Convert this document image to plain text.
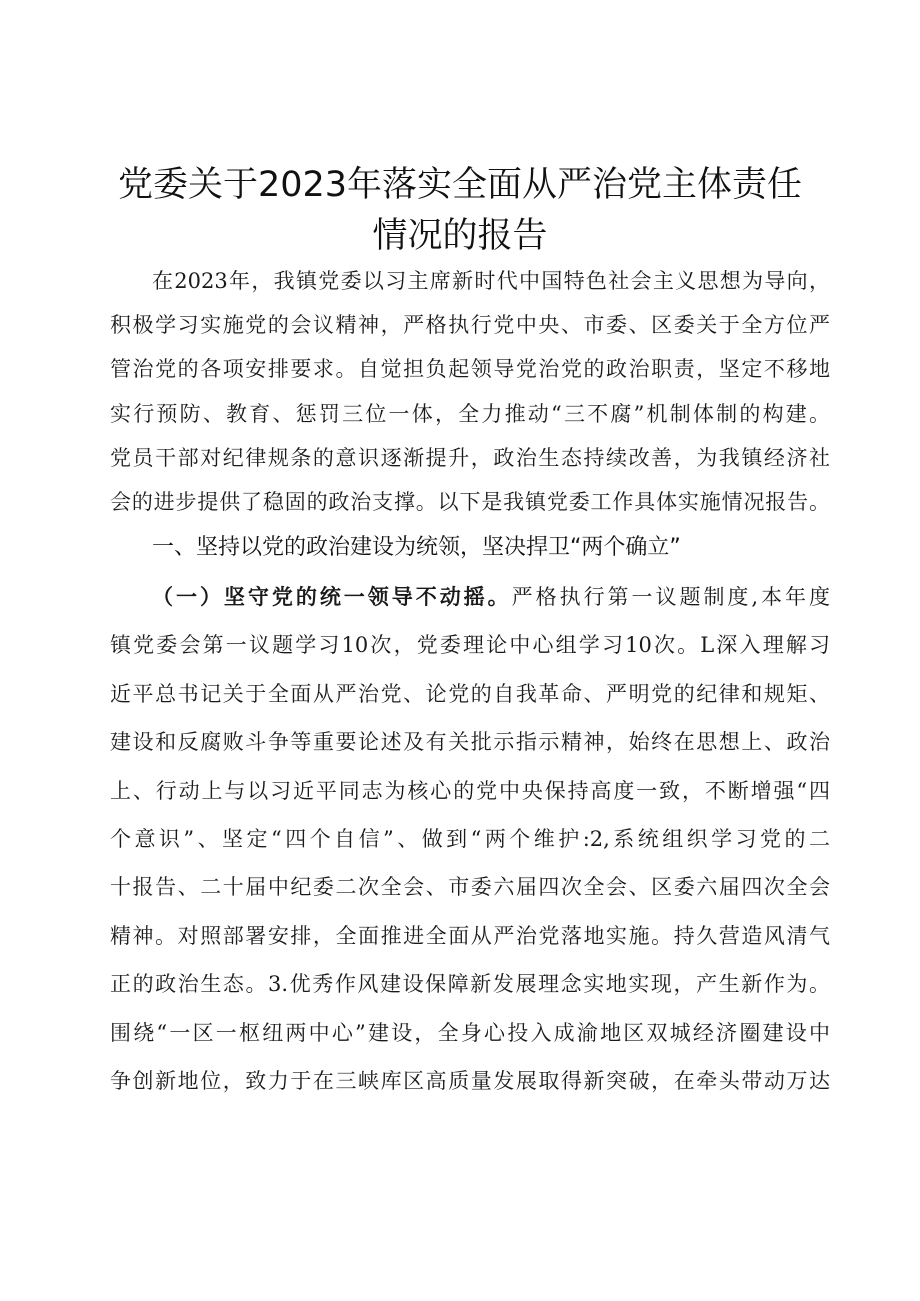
党委关于2023年落实全面从严治党主体责任
情况的报告
在2023年，我镇党委以习主席新时代中国特色社会主义思想为导向，
积极学习实施党的会议精神，严格执行党中央、市委、区委关于全方位严
管治党的各项安排要求。自觉担负起领导党治党的政治职责，坚定不移地
实行预防、教育、惩罚三位一体，全力推动“三不腐”机制体制的构建。
党员干部对纪律规条的意识逐渐提升，政治生态持续改善，为我镇经济社
会的进步提供了稳固的政治支撑。以下是我镇党委工作具体实施情况报告。
一、坚持以党的政治建设为统领，坚决捍卫“两个确立”
（一）坚守党的统一领导不动摇。严格执行第一议题制度,本年度
镇党委会第一议题学习10次，党委理论中心组学习10次。L深入理解习
近平总书记关于全面从严治党、论党的自我革命、严明党的纪律和规矩、
建设和反腐败斗争等重要论述及有关批示指示精神，始终在思想上、政治
上、行动上与以习近平同志为核心的党中央保持高度一致，不断增强“四
个意识”、坚定“四个自信”、做到“两个维护:2,系统组织学习党的二
十报告、二十届中纪委二次全会、市委六届四次全会、区委六届四次全会
精神。对照部署安排，全面推进全面从严治党落地实施。持久营造风清气
正的政治生态。3.优秀作风建设保障新发展理念实地实现，产生新作为。
围绕“一区一枢纽两中心”建设，全身心投入成渝地区双城经济圈建设中
争创新地位，致力于在三峡库区高质量发展取得新突破，在牵头带动万达
